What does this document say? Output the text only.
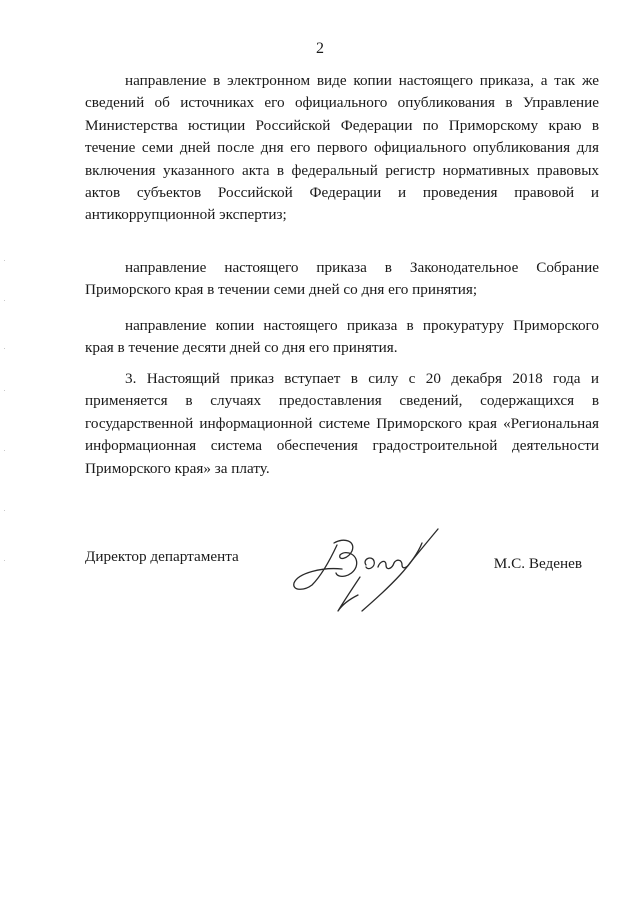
2

направление в электронном виде копии настоящего приказа, а так же сведений об источниках его официального опубликования в Управление Министерства юстиции Российской Федерации по Приморскому краю в течение семи дней после дня его первого официального опубликования для включения указанного акта в федеральный регистр нормативных правовых актов субъектов Российской Федерации и проведения правовой и антикоррупционной экспертиз;

направление настоящего приказа в Законодательное Собрание Приморского края в течении семи дней со дня его принятия;

направление копии настоящего приказа в прокуратуру Приморского края в течение десяти дней со дня его принятия.

3. Настоящий приказ вступает в силу с 20 декабря 2018 года и применяется в случаях предоставления сведений, содержащихся в государственной информационной системе Приморского края «Региональная информационная система обеспечения градостроительной деятельности Приморского края» за плату.

Директор департамента	М.С. Веденев
